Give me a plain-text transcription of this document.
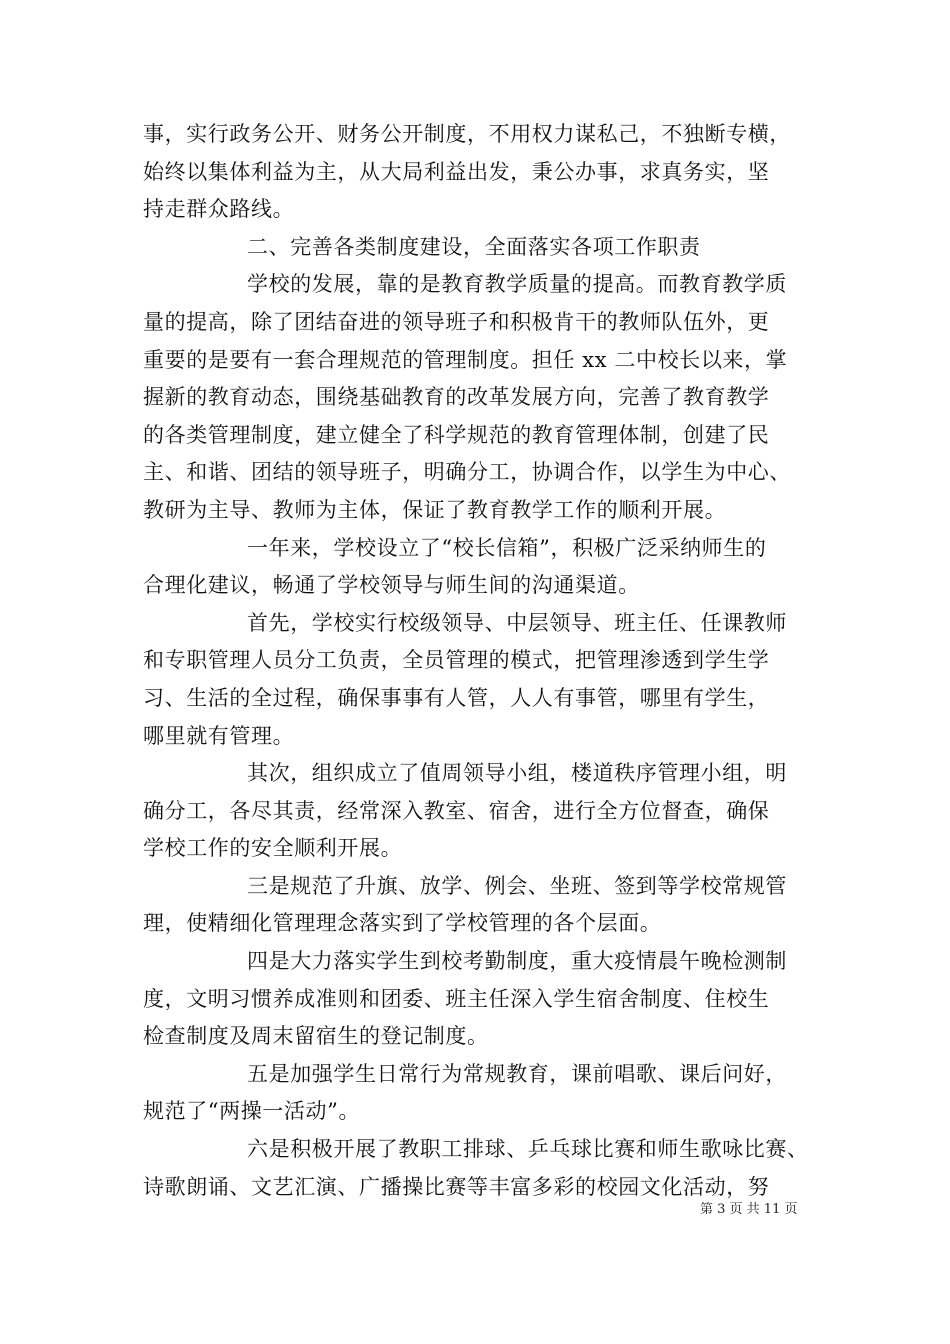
事，实行政务公开、财务公开制度，不用权力谋私己，不独断专横，
始终以集体利益为主，从大局利益出发，秉公办事，求真务实，坚
持走群众路线。
二、完善各类制度建设，全面落实各项工作职责
学校的发展，靠的是教育教学质量的提高。而教育教学质
量的提高，除了团结奋进的领导班子和积极肯干的教师队伍外，更
重要的是要有一套合理规范的管理制度。担任 xx 二中校长以来，掌
握新的教育动态，围绕基础教育的改革发展方向，完善了教育教学
的各类管理制度，建立健全了科学规范的教育管理体制，创建了民
主、和谐、团结的领导班子，明确分工，协调合作，以学生为中心、
教研为主导、教师为主体，保证了教育教学工作的顺利开展。
一年来，学校设立了“校长信箱”，积极广泛采纳师生的
合理化建议，畅通了学校领导与师生间的沟通渠道。
首先，学校实行校级领导、中层领导、班主任、任课教师
和专职管理人员分工负责，全员管理的模式，把管理渗透到学生学
习、生活的全过程，确保事事有人管，人人有事管，哪里有学生，
哪里就有管理。
其次，组织成立了值周领导小组，楼道秩序管理小组，明
确分工，各尽其责，经常深入教室、宿舍，进行全方位督查，确保
学校工作的安全顺利开展。
三是规范了升旗、放学、例会、坐班、签到等学校常规管
理，使精细化管理理念落实到了学校管理的各个层面。
四是大力落实学生到校考勤制度，重大疫情晨午晚检测制
度，文明习惯养成准则和团委、班主任深入学生宿舍制度、住校生
检查制度及周末留宿生的登记制度。
五是加强学生日常行为常规教育，课前唱歌、课后问好，
规范了“两操一活动”。
六是积极开展了教职工排球、乒乓球比赛和师生歌咏比赛、
诗歌朗诵、文艺汇演、广播操比赛等丰富多彩的校园文化活动，努
第 3 页 共 11 页
